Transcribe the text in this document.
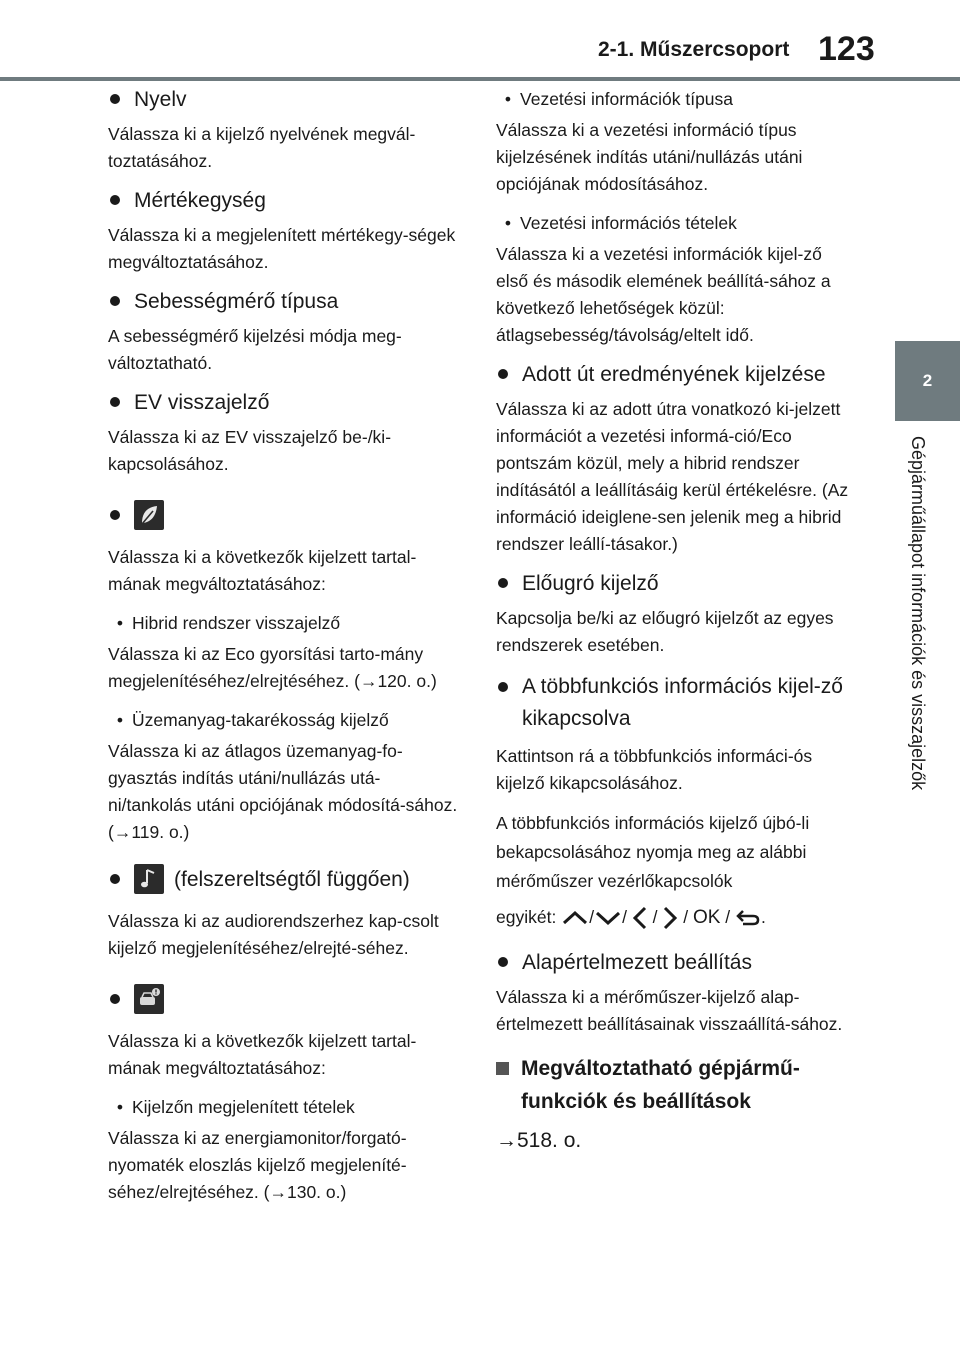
2-1. Műszercsoport 123
2
Gépjárműállapot információk és visszajelzők
Nyelv

Válassza ki a kijelző nyelvének megvál-toztatásához.

Mértékegység

Válassza ki a megjelenített mértékegy-ségek megváltoztatásához.

Sebességmérő típusa

A sebességmérő kijelzési módja meg-változtatható.

EV visszajelző

Válassza ki az EV visszajelző be-/ki-kapcsolásához.

Válassza ki a következők kijelzett tartal-mának megváltoztatásához:

• Hibrid rendszer visszajelző

Válassza ki az Eco gyorsítási tarto-mány megjelenítéséhez/elrejtéséhez. (→120. o.)

• Üzemanyag-takarékosság kijelző

Válassza ki az átlagos üzemanyag-fo-gyasztás indítás utáni/nullázás utá-ni/tankolás utáni opciójának módosítá-sához. (→119. o.)

(felszereltségtől függően)

Válassza ki az audiorendszerhez kap-csolt kijelző megjelenítéséhez/elrejté-séhez.

Válassza ki a következők kijelzett tartal-mának megváltoztatásához:

• Kijelzőn megjelenített tételek

Válassza ki az energiamonitor/forgató-nyomaték eloszlás kijelző megjeleníté-séhez/elrejtéséhez. (→130. o.)

• Vezetési információk típusa

Válassza ki a vezetési információ típus kijelzésének indítás utáni/nullázás utáni opciójának módosításához.

• Vezetési információs tételek

Válassza ki a vezetési információk kijel-ző első és második elemének beállítá-sához a következő lehetőségek közül: átlagsebesség/távolság/eltelt idő.

Adott út eredményének kijelzése

Válassza ki az adott útra vonatkozó ki-jelzett információt a vezetési informá-ció/Eco pontszám közül, mely a hibrid rendszer indításától a leállításáig kerül értékelésre. (Az információ ideiglene-sen jelenik meg a hibrid rendszer leállí-tásakor.)

Előugró kijelző

Kapcsolja be/ki az előugró kijelzőt az egyes rendszerek esetében.

A többfunkciós információs kijel-ző kikapcsolva

Kattintson rá a többfunkciós informáci-ós kijelző kikapcsolásához.

A többfunkciós információs kijelző újbó-li bekapcsolásához nyomja meg az alábbi mérőműszer vezérlőkapcsolók

egyikét: / /  /  / OK / .

Alapértelmezett beállítás

Válassza ki a mérőműszer-kijelző alap-értelmezett beállításainak visszaállítá-sához.

Megváltoztatható gépjármű-funkciók és beállítások

→518. o.
